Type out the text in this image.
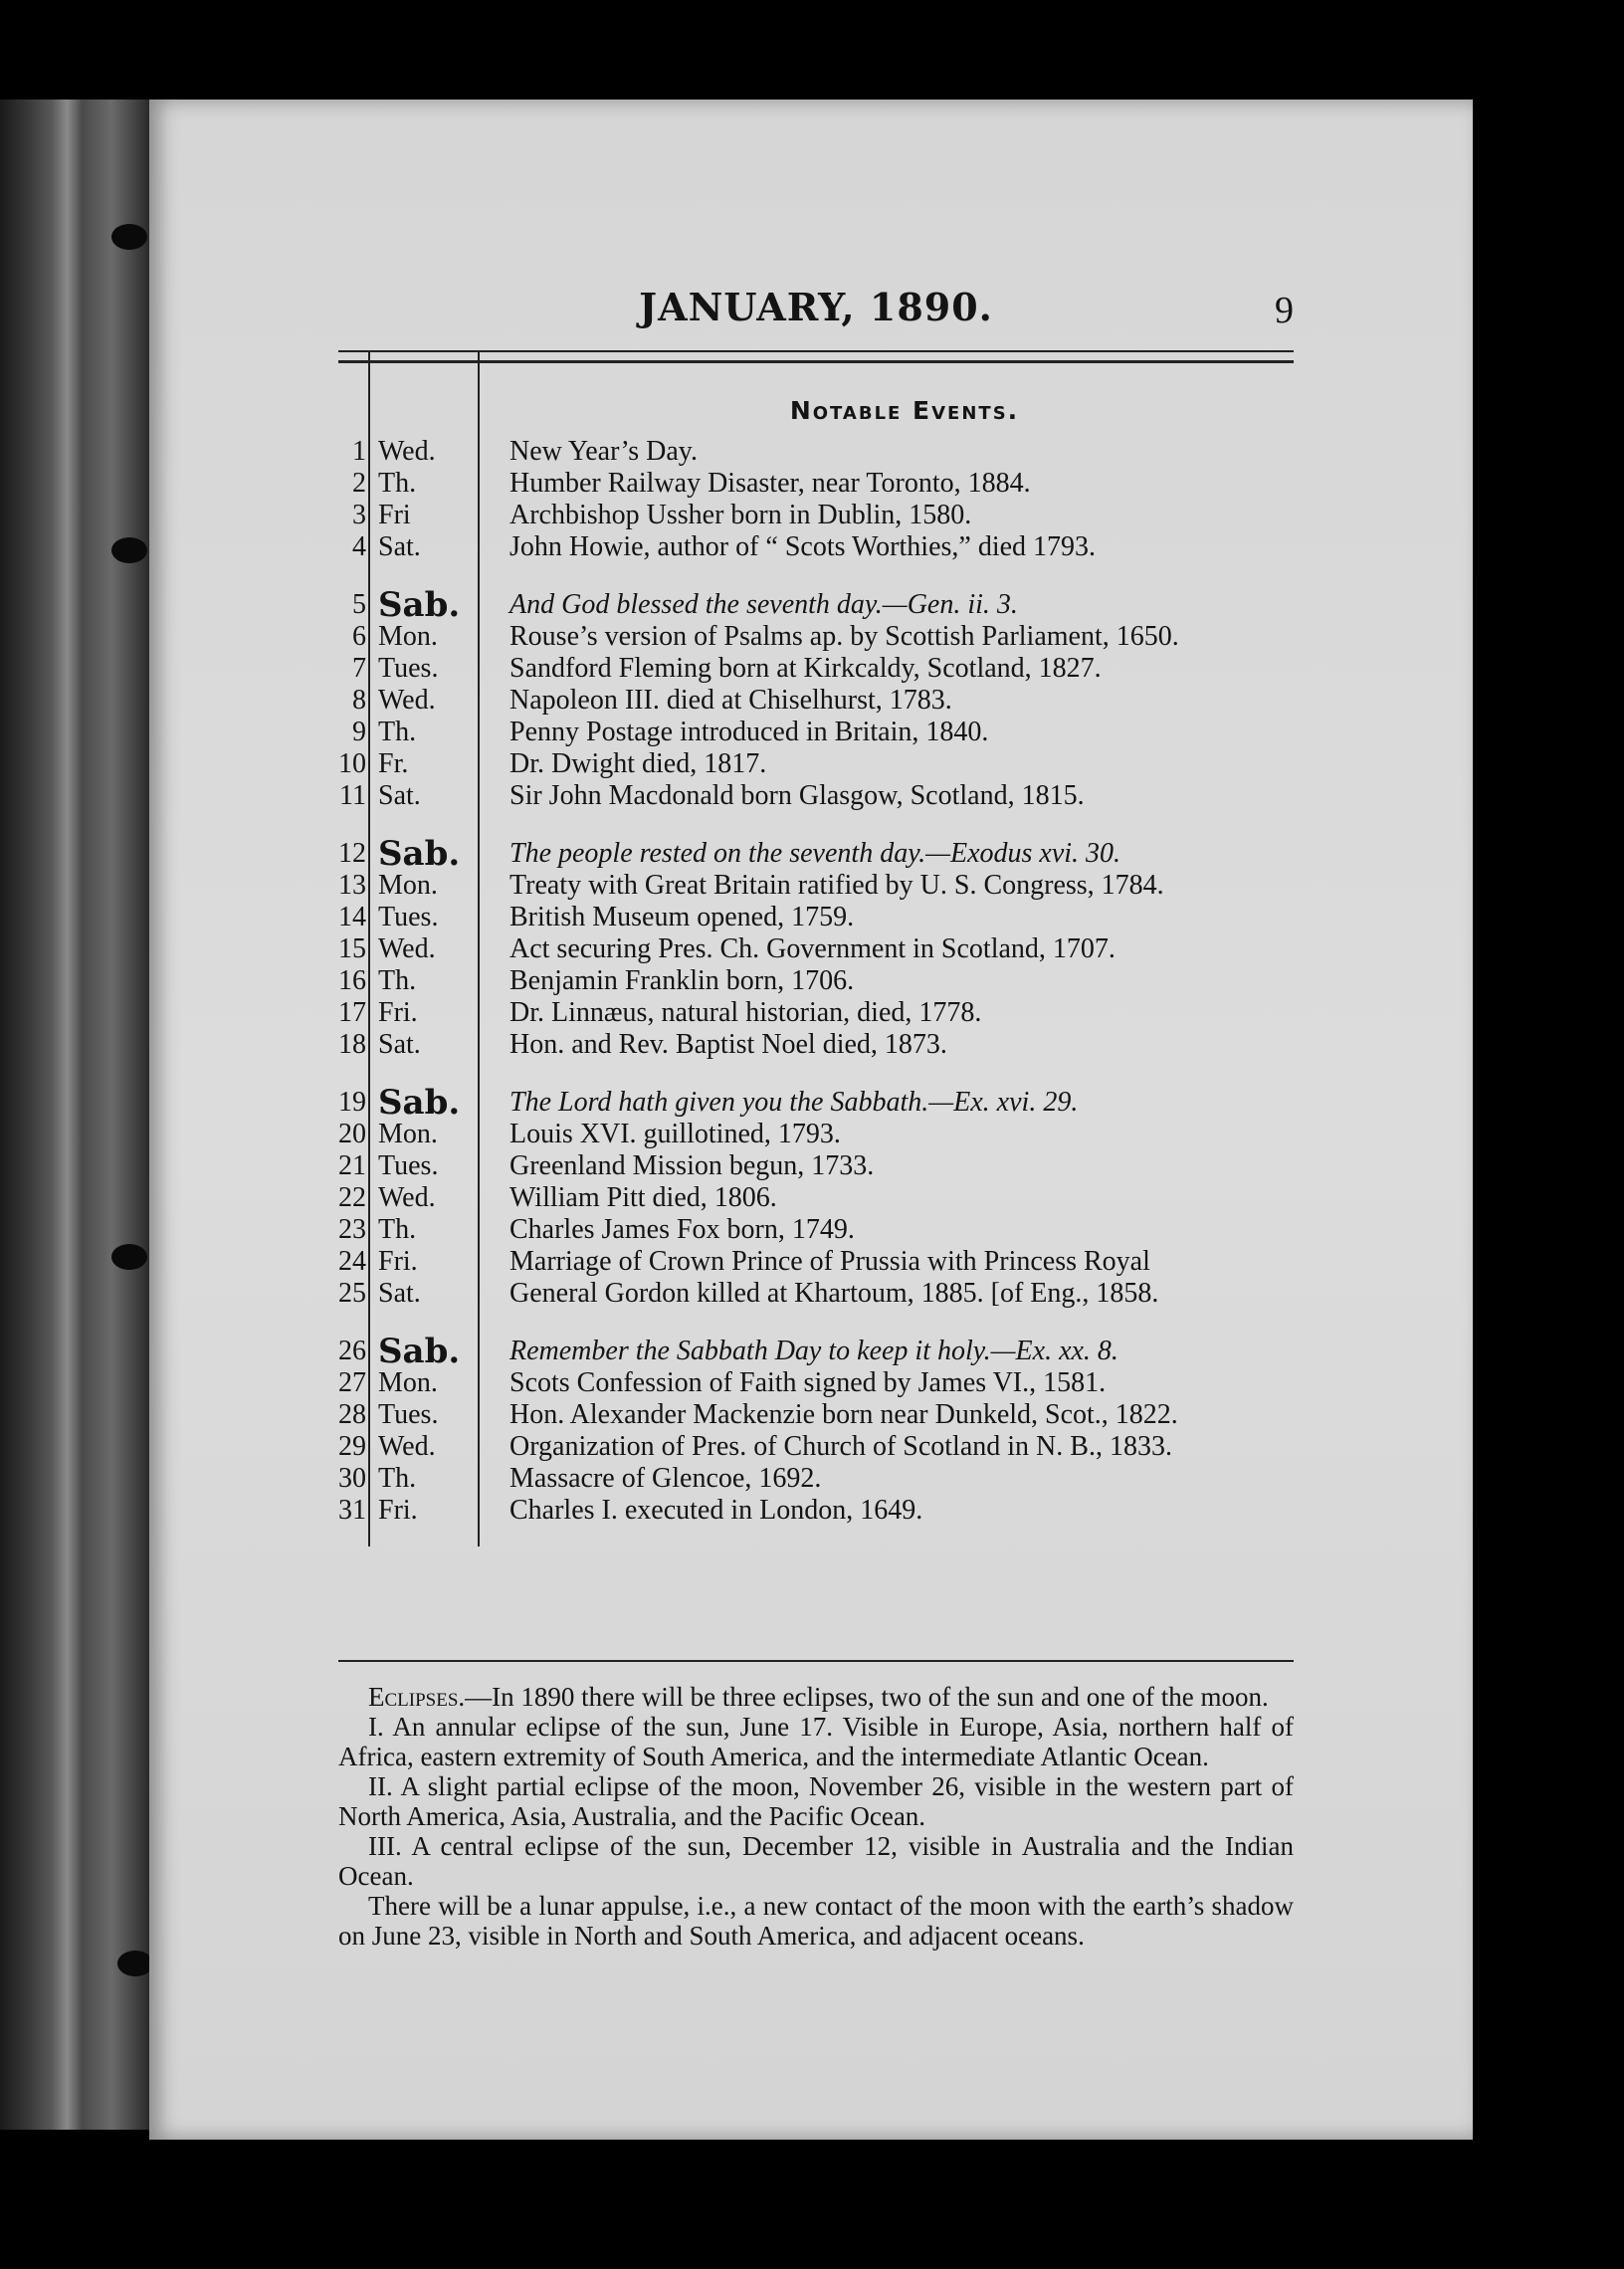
JANUARY, 1890.	9
Notable Events.
1 Wed.	New Year’s Day.
2 Th.	Humber Railway Disaster, near Toronto, 1884.
3 Fri	Archbishop Ussher born in Dublin, 1580.
4 Sat.	John Howie, author of “ Scots Worthies,” died 1793.
5 Sab.	And God blessed the seventh day.—Gen. ii. 3.
6 Mon.	Rouse’s version of Psalms ap. by Scottish Parliament, 1650.
7 Tues.	Sandford Fleming born at Kirkcaldy, Scotland, 1827.
8 Wed.	Napoleon III. died at Chiselhurst, 1783.
9 Th.	Penny Postage introduced in Britain, 1840.
10 Fr.	Dr. Dwight died, 1817.
11 Sat.	Sir John Macdonald born Glasgow, Scotland, 1815.
12 Sab.	The people rested on the seventh day.—Exodus xvi. 30.
13 Mon.	Treaty with Great Britain ratified by U. S. Congress, 1784.
14 Tues.	British Museum opened, 1759.
15 Wed.	Act securing Pres. Ch. Government in Scotland, 1707.
16 Th.	Benjamin Franklin born, 1706.
17 Fri.	Dr. Linnæus, natural historian, died, 1778.
18 Sat.	Hon. and Rev. Baptist Noel died, 1873.
19 Sab.	The Lord hath given you the Sabbath.—Ex. xvi. 29.
20 Mon.	Louis XVI. guillotined, 1793.
21 Tues.	Greenland Mission begun, 1733.
22 Wed.	William Pitt died, 1806.
23 Th.	Charles James Fox born, 1749.
24 Fri.	Marriage of Crown Prince of Prussia with Princess Royal
25 Sat.	General Gordon killed at Khartoum, 1885. [of Eng., 1858.
26 Sab.	Remember the Sabbath Day to keep it holy.—Ex. xx. 8.
27 Mon.	Scots Confession of Faith signed by James VI., 1581.
28 Tues.	Hon. Alexander Mackenzie born near Dunkeld, Scot., 1822.
29 Wed.	Organization of Pres. of Church of Scotland in N. B., 1833.
30 Th.	Massacre of Glencoe, 1692.
31 Fri.	Charles I. executed in London, 1649.

Eclipses.—In 1890 there will be three eclipses, two of the sun and one of the moon.

I. An annular eclipse of the sun, June 17. Visible in Europe, Asia, northern half of Africa, eastern extremity of South America, and the intermediate Atlantic Ocean.

II. A slight partial eclipse of the moon, November 26, visible in the western part of North America, Asia, Australia, and the Pacific Ocean.

III. A central eclipse of the sun, December 12, visible in Australia and the Indian Ocean.

There will be a lunar appulse, i.e., a new contact of the moon with the earth’s shadow on June 23, visible in North and South America, and adjacent oceans.
